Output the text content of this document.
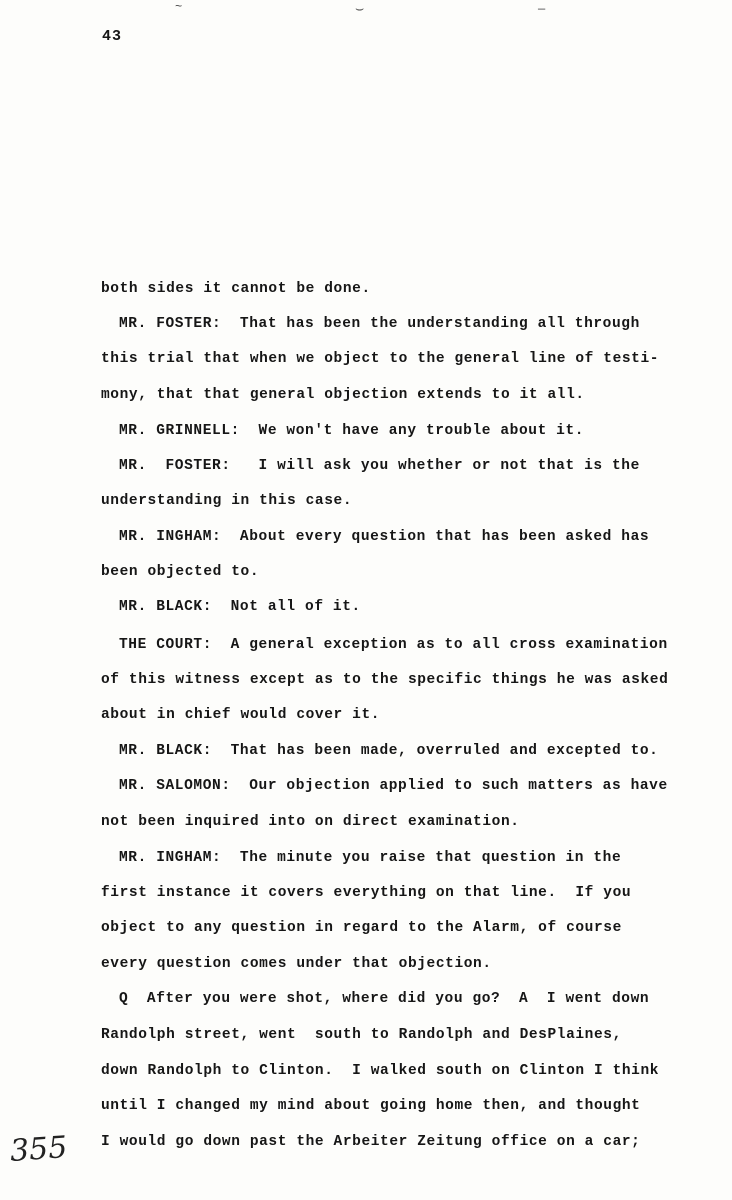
~	⌣	—
43
both sides it cannot be done.
MR. FOSTER:  That has been the understanding all through
this trial that when we object to the general line of testi-
mony, that that general objection extends to it all.
MR. GRINNELL:  We won't have any trouble about it.
MR.  FOSTER:   I will ask you whether or not that is the
understanding in this case.
MR. INGHAM:  About every question that has been asked has
been objected to.
MR. BLACK:  Not all of it.
THE COURT:  A general exception as to all cross examination
of this witness except as to the specific things he was asked
about in chief would cover it.
MR. BLACK:  That has been made, overruled and excepted to.
MR. SALOMON:  Our objection applied to such matters as have
not been inquired into on direct examination.
MR. INGHAM:  The minute you raise that question in the
first instance it covers everything on that line.  If you
object to any question in regard to the Alarm, of course
every question comes under that objection.
Q  After you were shot, where did you go?  A  I went down
Randolph street, went  south to Randolph and DesPlaines,
down Randolph to Clinton.  I walked south on Clinton I think
until I changed my mind about going home then, and thought
I would go down past the Arbeiter Zeitung office on a car;
355
